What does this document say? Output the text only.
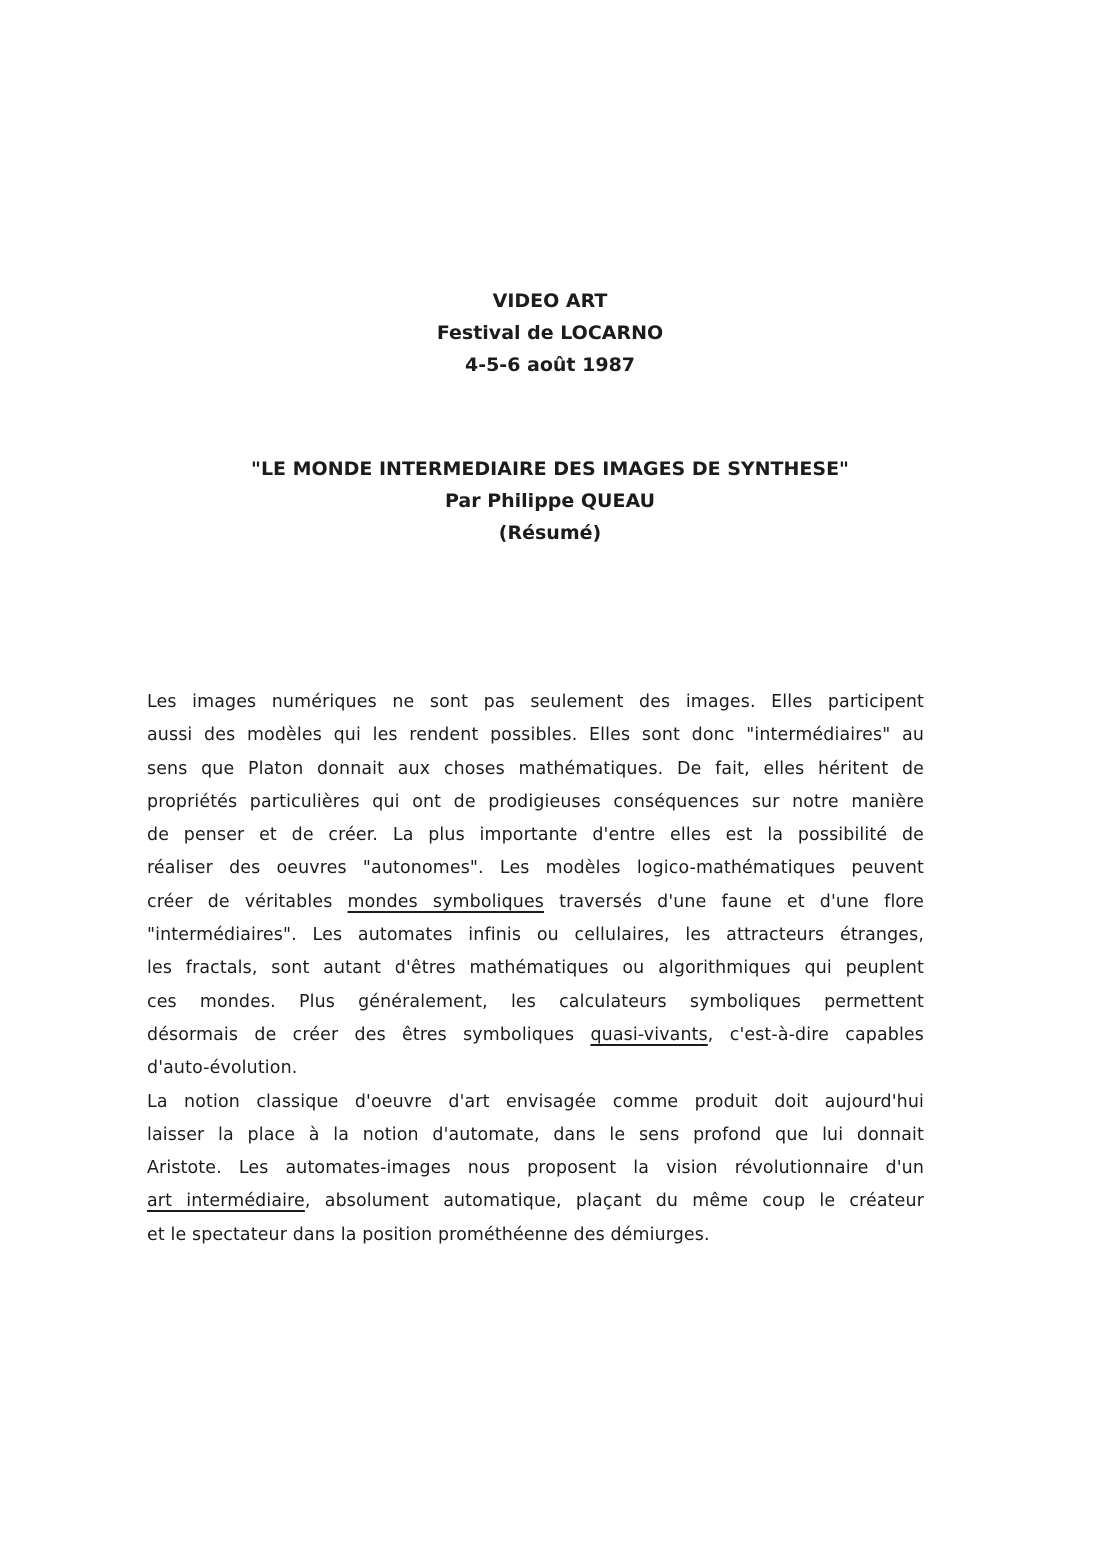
VIDEO ART
Festival de LOCARNO
4-5-6 août 1987
"LE MONDE INTERMEDIAIRE DES IMAGES DE SYNTHESE"
Par Philippe QUEAU
(Résumé)
Les images numériques ne sont pas seulement des images. Elles participent
aussi des modèles qui les rendent possibles. Elles sont donc "intermédiaires" au
sens que Platon donnait aux choses mathématiques. De fait, elles héritent de
propriétés particulières qui ont de prodigieuses conséquences sur notre manière
de penser et de créer. La plus importante d'entre elles est la possibilité de
réaliser des oeuvres "autonomes". Les modèles logico-mathématiques peuvent
créer de véritables mondes symboliques traversés d'une faune et d'une flore
"intermédiaires". Les automates infinis ou cellulaires, les attracteurs étranges,
les fractals, sont autant d'êtres mathématiques ou algorithmiques qui peuplent
ces mondes. Plus généralement, les calculateurs symboliques permettent
désormais de créer des êtres symboliques quasi-vivants, c'est-à-dire capables
d'auto-évolution.
La notion classique d'oeuvre d'art envisagée comme produit doit aujourd'hui
laisser la place à la notion d'automate, dans le sens profond que lui donnait
Aristote. Les automates-images nous proposent la vision révolutionnaire d'un
art intermédiaire, absolument automatique, plaçant du même coup le créateur
et le spectateur dans la position prométhéenne des démiurges.
